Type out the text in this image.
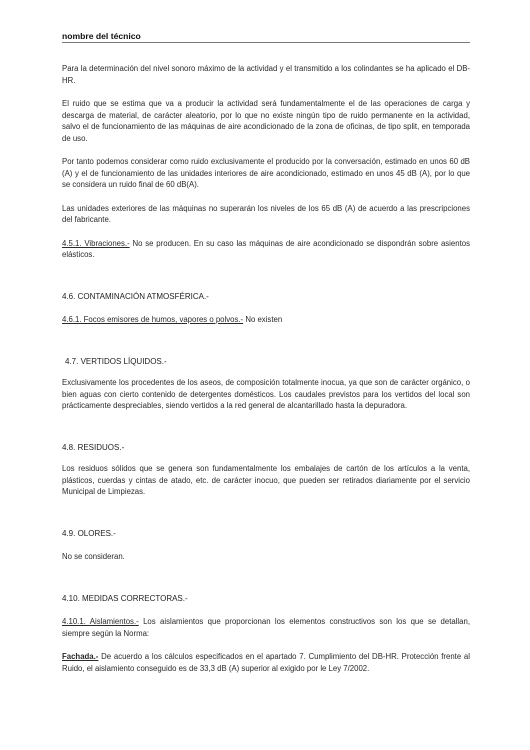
nombre del técnico

Para la determinación del nivel sonoro máximo de la actividad y el transmitido a los colindantes se ha aplicado el DB-HR.

El ruido que se estima que va a producir la actividad será fundamentalmente el de las operaciones de carga y descarga de material, de carácter aleatorio, por lo que no existe ningún tipo de ruido permanente en la actividad, salvo el de funcionamiento de las máquinas de aire acondicionado de la zona de oficinas, de tipo split, en temporada de uso.

Por tanto podemos considerar como ruido exclusivamente el producido por la conversación, estimado en unos 60 dB (A) y el de funcionamiento de las unidades interiores de aire acondicionado, estimado en unos 45 dB (A), por lo que se considera un ruido final de 60 dB(A).

Las unidades exteriores de las máquinas no superarán los niveles de los 65 dB (A) de acuerdo a las prescripciones del fabricante.

4.5.1. Vibraciones.- No se producen. En su caso las máquinas de aire acondicionado se dispondrán sobre asientos elásticos.

4.6. CONTAMINACIÓN ATMOSFÉRICA.-

4.6.1. Focos emisores de humos, vapores o polvos.- No existen

4.7. VERTIDOS LÍQUIDOS.-

Exclusivamente los procedentes de los aseos, de composición totalmente inocua, ya que son de carácter orgánico, o bien aguas con cierto contenido de detergentes domésticos. Los caudales previstos para los vertidos del local son prácticamente despreciables, siendo vertidos a la red general de alcantarillado hasta la depuradora.

4.8. RESIDUOS.-

Los residuos sólidos que se genera son fundamentalmente los embalajes de cartón de los artículos a la venta, plásticos, cuerdas y cintas de atado, etc. de carácter inocuo, que pueden ser retirados diariamente por el servicio Municipal de Limpiezas.

4.9. OLORES.-

No se consideran.

4.10. MEDIDAS CORRECTORAS.-

4.10.1. Aislamientos.- Los aislamientos que proporcionan los elementos constructivos son los que se detallan, siempre según la Norma:

Fachada.- De acuerdo a los cálculos especificados en el apartado 7. Cumplimiento del DB-HR. Protección frente al Ruido, el aislamiento conseguido es de 33,3 dB (A) superior al exigido por le Ley 7/2002.
